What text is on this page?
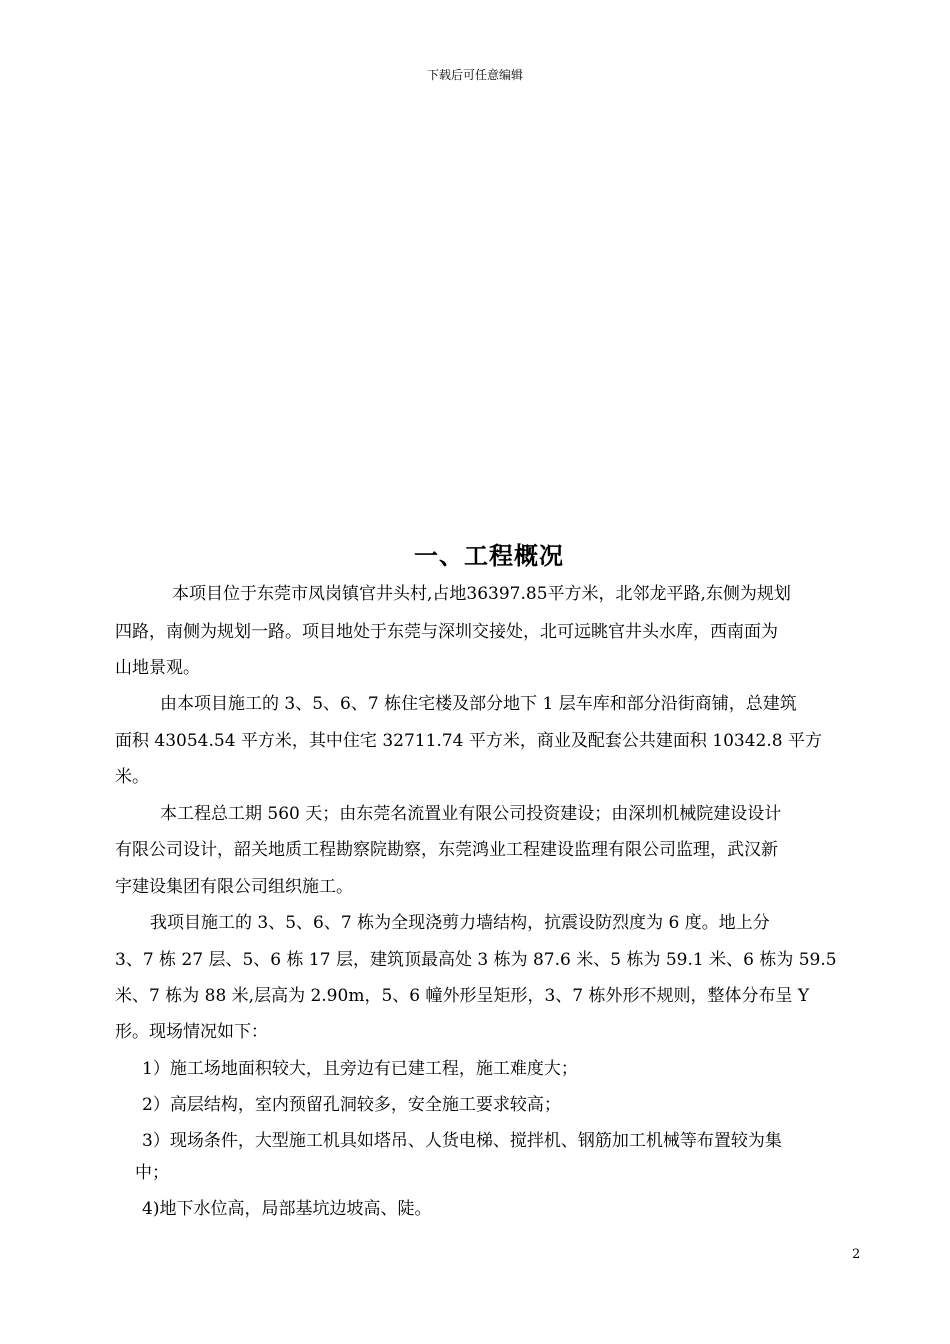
下载后可任意编辑
一、工程概况
本项目位于东莞市凤岗镇官井头村,占地36397.85平方米，北邻龙平路,东侧为规划
四路，南侧为规划一路。项目地处于东莞与深圳交接处，北可远眺官井头水库，西南面为
山地景观。
由本项目施工的 3、5、6、7 栋住宅楼及部分地下 1 层车库和部分沿街商铺，总建筑
面积 43054.54 平方米，其中住宅 32711.74 平方米，商业及配套公共建面积 10342.8 平方
米。
本工程总工期 560 天；由东莞名流置业有限公司投资建设；由深圳机械院建设设计
有限公司设计，韶关地质工程勘察院勘察，东莞鸿业工程建设监理有限公司监理，武汉新
宇建设集团有限公司组织施工。
我项目施工的 3、5、6、7 栋为全现浇剪力墙结构，抗震设防烈度为 6 度。地上分
3、7 栋 27 层、5、6 栋 17 层，建筑顶最高处 3 栋为 87.6 米、5 栋为 59.1 米、6 栋为 59.5
米、7 栋为 88 米,层高为 2.90m，5、6 幢外形呈矩形，3、7 栋外形不规则，整体分布呈 Y
形。现场情况如下：
1）施工场地面积较大，且旁边有已建工程，施工难度大；
2）高层结构，室内预留孔洞较多，安全施工要求较高；
3）现场条件，大型施工机具如塔吊、人货电梯、搅拌机、钢筋加工机械等布置较为集
中；
4)地下水位高，局部基坑边坡高、陡。
2
